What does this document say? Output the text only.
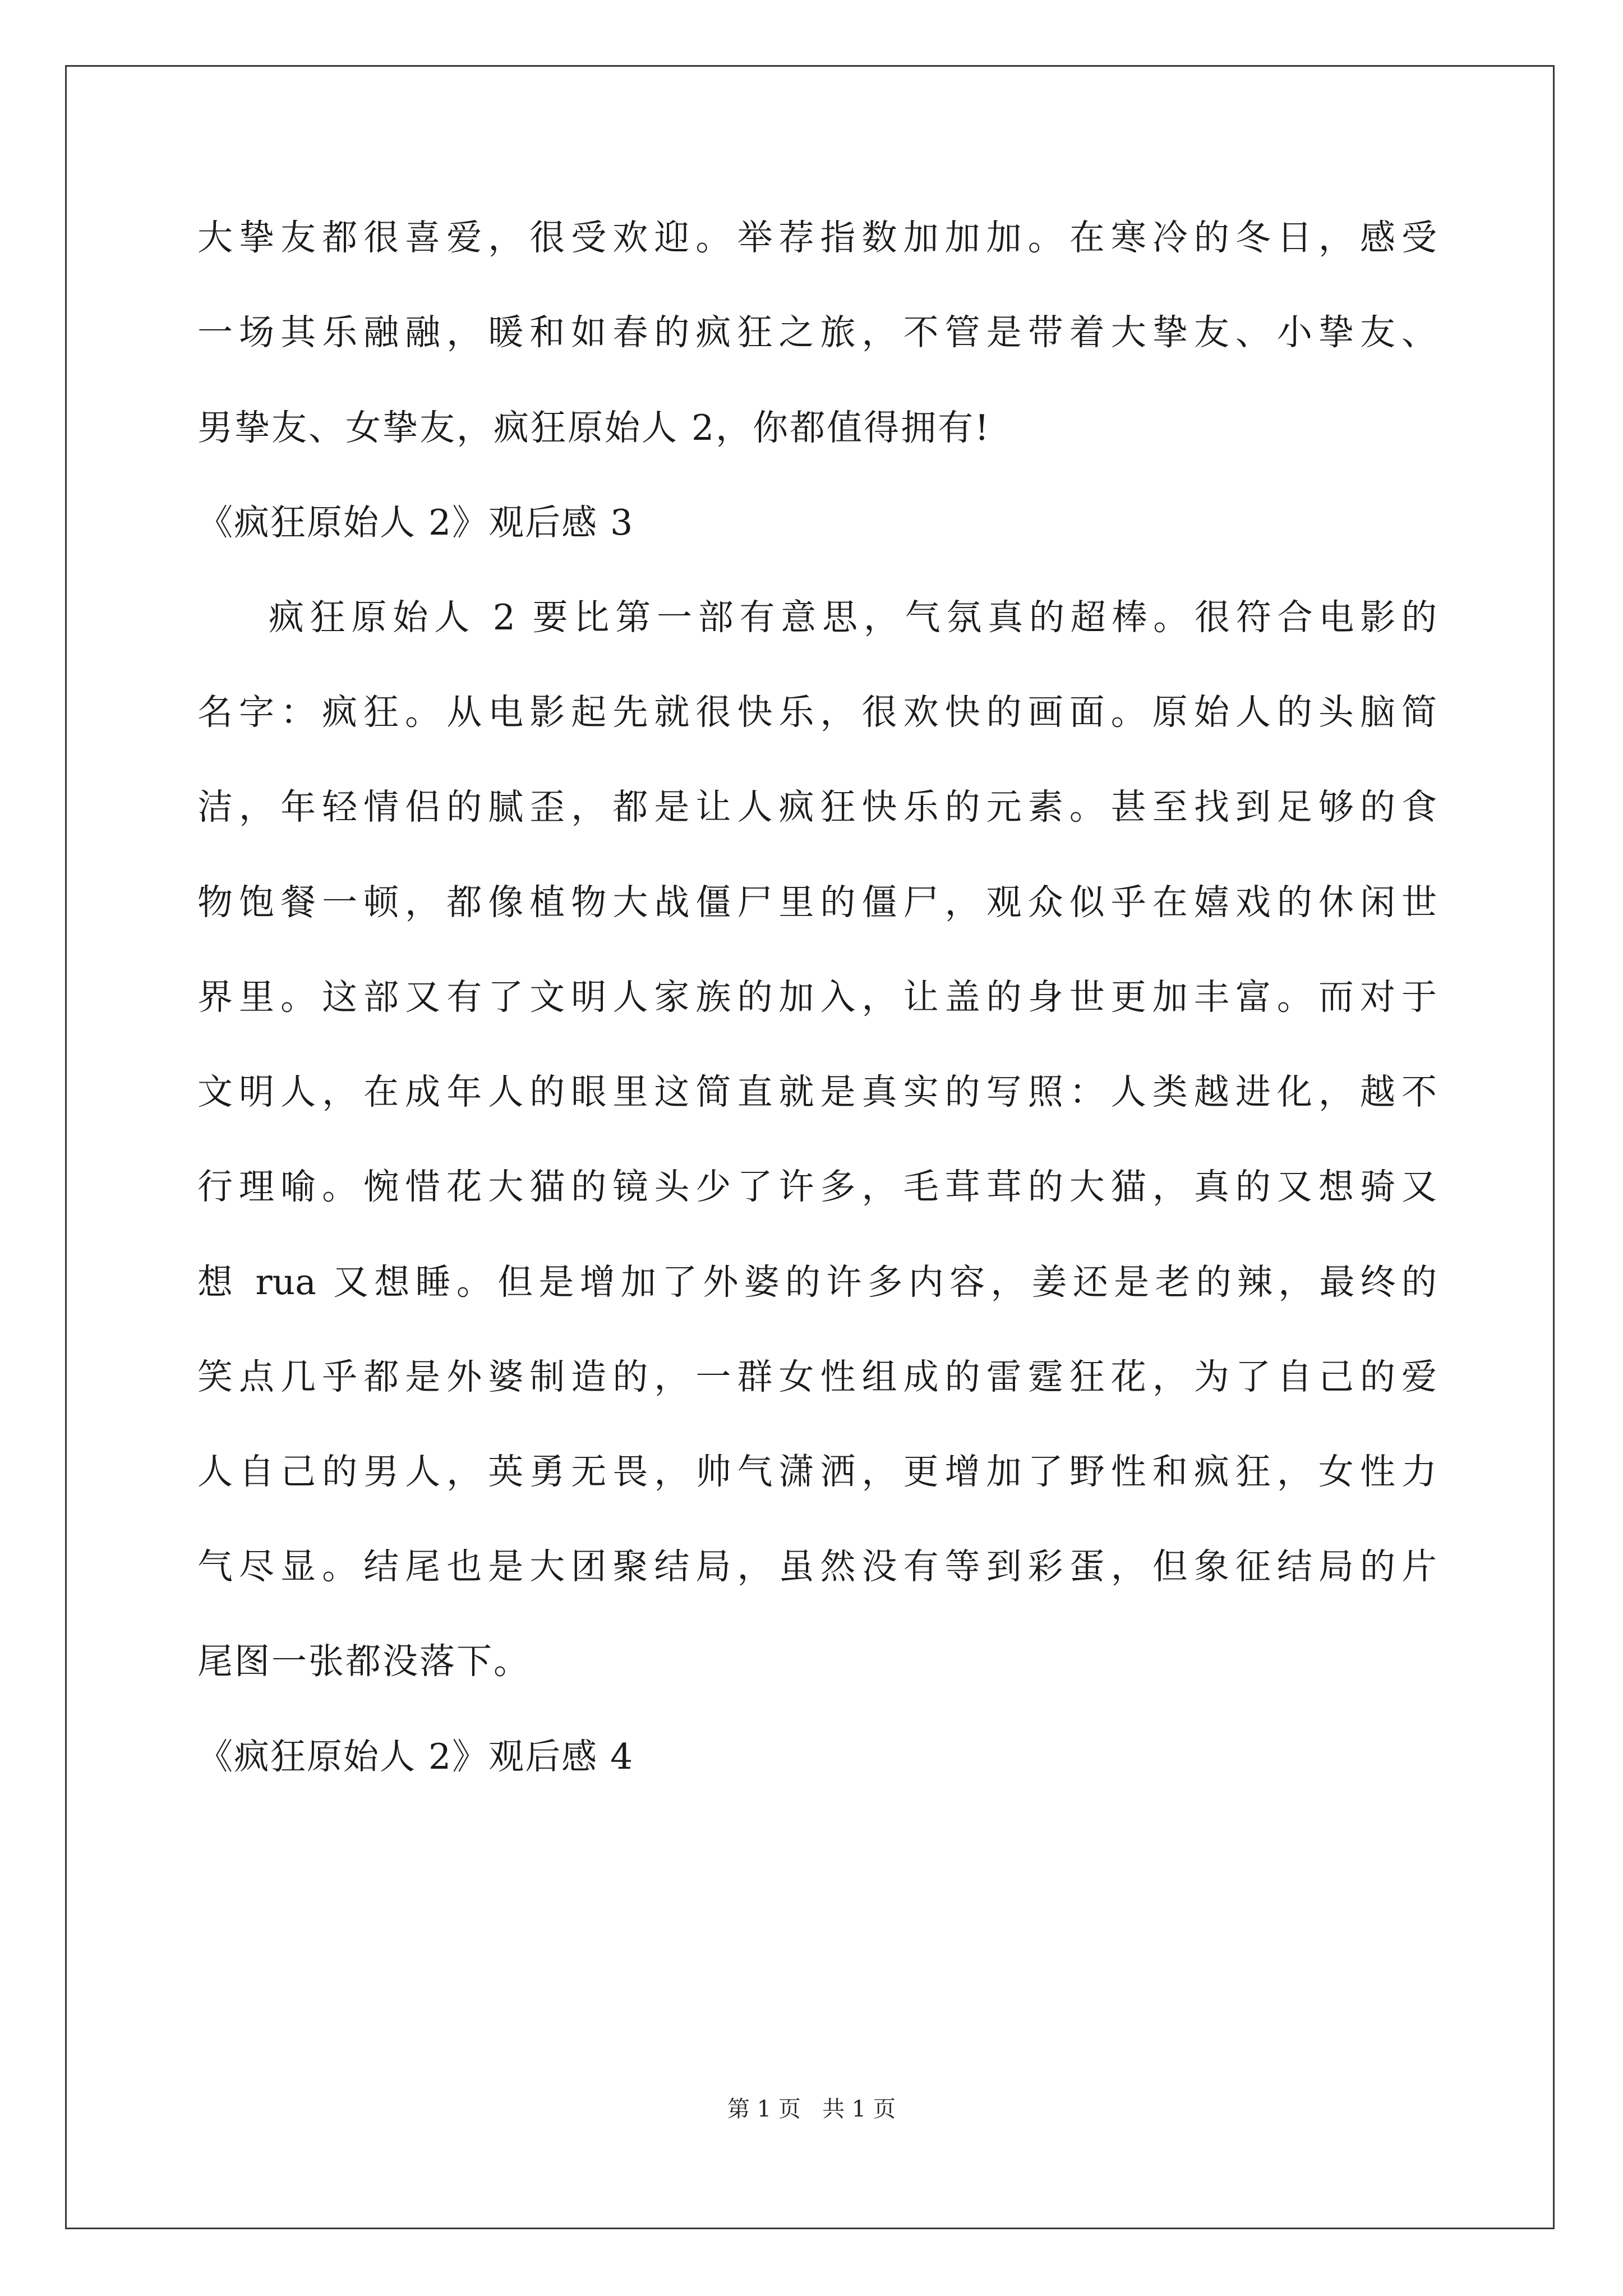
大挚友都很喜爱，很受欢迎。举荐指数加加加。在寒冷的冬日，感受
一场其乐融融，暖和如春的疯狂之旅，不管是带着大挚友、小挚友、
男挚友、女挚友，疯狂原始人 2，你都值得拥有!
《疯狂原始人 2》观后感 3
疯狂原始人 2 要比第一部有意思，气氛真的超棒。很符合电影的
名字：疯狂。从电影起先就很快乐，很欢快的画面。原始人的头脑简
洁，年轻情侣的腻歪，都是让人疯狂快乐的元素。甚至找到足够的食
物饱餐一顿，都像植物大战僵尸里的僵尸，观众似乎在嬉戏的休闲世
界里。这部又有了文明人家族的加入，让盖的身世更加丰富。而对于
文明人，在成年人的眼里这简直就是真实的写照：人类越进化，越不
行理喻。惋惜花大猫的镜头少了许多，毛茸茸的大猫，真的又想骑又
想 rua 又想睡。但是增加了外婆的许多内容，姜还是老的辣，最终的
笑点几乎都是外婆制造的，一群女性组成的雷霆狂花，为了自己的爱
人自己的男人，英勇无畏，帅气潇洒，更增加了野性和疯狂，女性力
气尽显。结尾也是大团聚结局，虽然没有等到彩蛋，但象征结局的片
尾图一张都没落下。
《疯狂原始人 2》观后感 4
第 1 页   共 1 页
